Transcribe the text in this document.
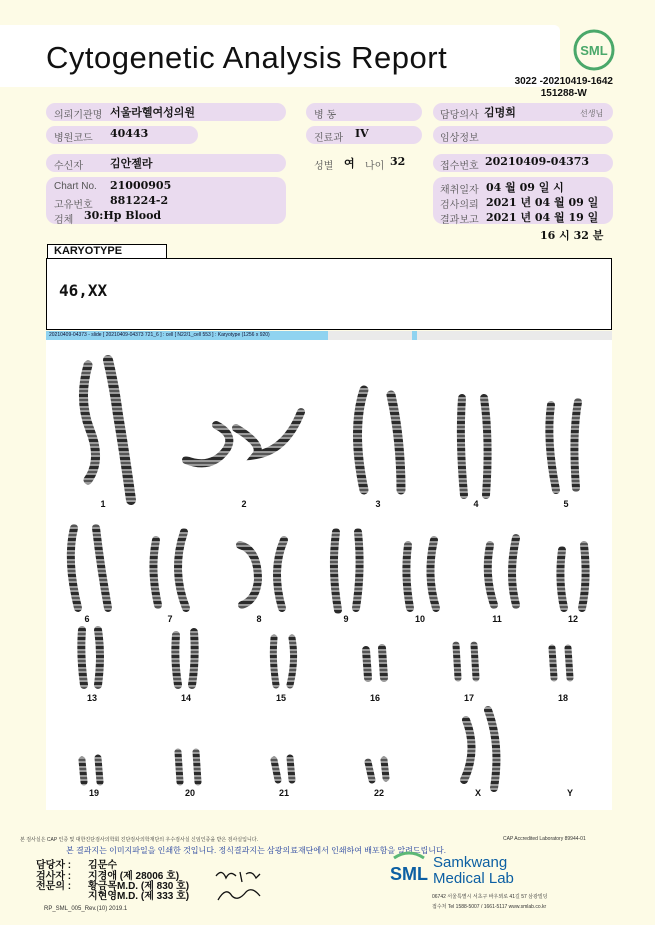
Cytogenetic Analysis Report	SML
3022 -20210419-1642
151288-W
의뢰기관명 서울라헬여성의원
병원코드 40443
수신자 김안젤라
Chart No. 21000905
고유번호 881224-2
검체 30:Hp Blood
병 동
진료과 IV
성별 여 나이 32
담당의사 김명희	선생님
임상정보
접수번호 20210409-04373
채취일자 04 월 09 일 시
검사의뢰 2021 년 04 월 09 일
결과보고 2021 년 04 월 19 일
16 시 32 분
KARYOTYPE
46,XX
20210409-04373 - slide [ 20210409-04373 721_6 ] : cell [ N22/1_cell 553 ] : Karyotype (1256 x 920)
1	2	3	4	5
6	7	8	9	10	11	12
13	14	15	16	17	18
19	20	21	22	X	Y
본 검사실은 CAP 인증 및 대한진단검사의학회 진단검사의학재단의 우수검사실 신임인증을 받은 검사실입니다.	CAP Accredited Laboratory 89944-01
본 결과지는 이미지파일을 인쇄한 것입니다. 정식결과지는 삼광의료재단에서 인쇄하여 배포함을 알려드립니다.
담당자 : 김문수
검사자 : 지경애 (제 28006 호)
전문의 : 황금목M.D. (제 830 호)
지현영M.D. (제 333 호)
RP_SML_005_Rev.(10) 2019.1
SML
Samkwang
Medical Lab
06742 서울특별시 서초구 바우뫼로 41길 57 삼광빌딩
접수처 Tel 1588-5007 / 1661-5117 www.smlab.co.kr
